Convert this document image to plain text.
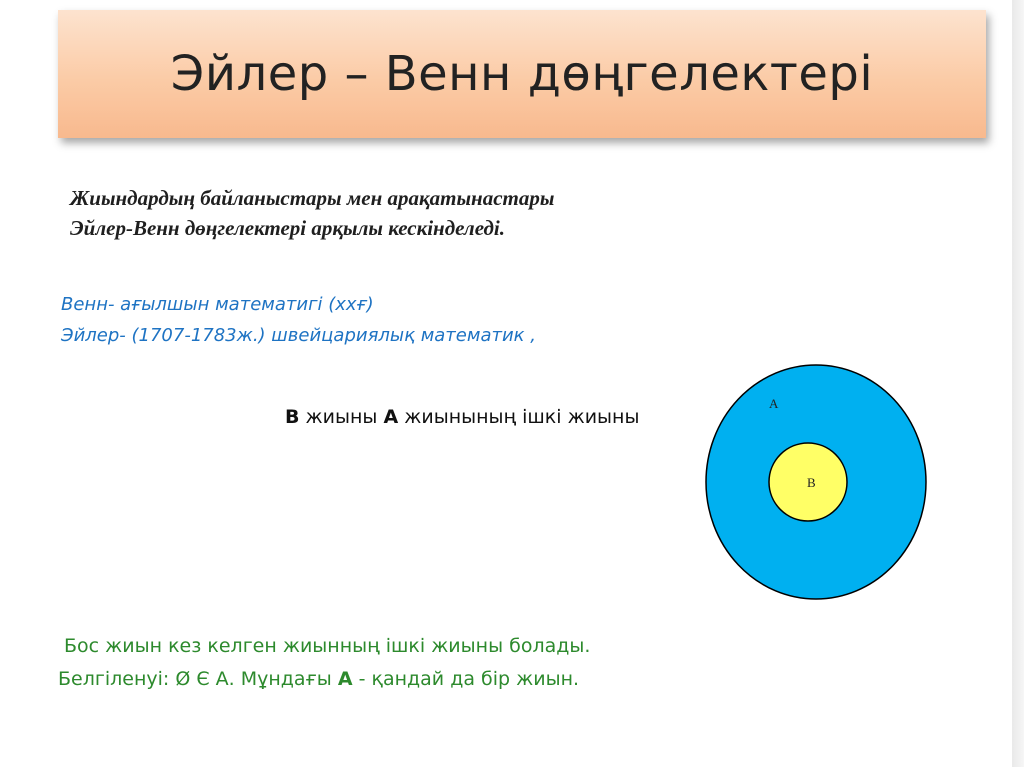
Эйлер – Венн дөңгелектері
Жиындардың байланыстары мен арақатынастары
Эйлер-Венн дөңгелектері арқылы кескінделеді.
Венн- ағылшын математигі (ххғ)
Эйлер- (1707-1783ж.) швейцариялық математик ,
В жиыны А жиынының ішкі жиыны
A
B
Бос жиын кез келген жиынның ішкі жиыны болады.
Белгіленуі: Ø Є А. Мұндағы А - қандай да бір жиын.
